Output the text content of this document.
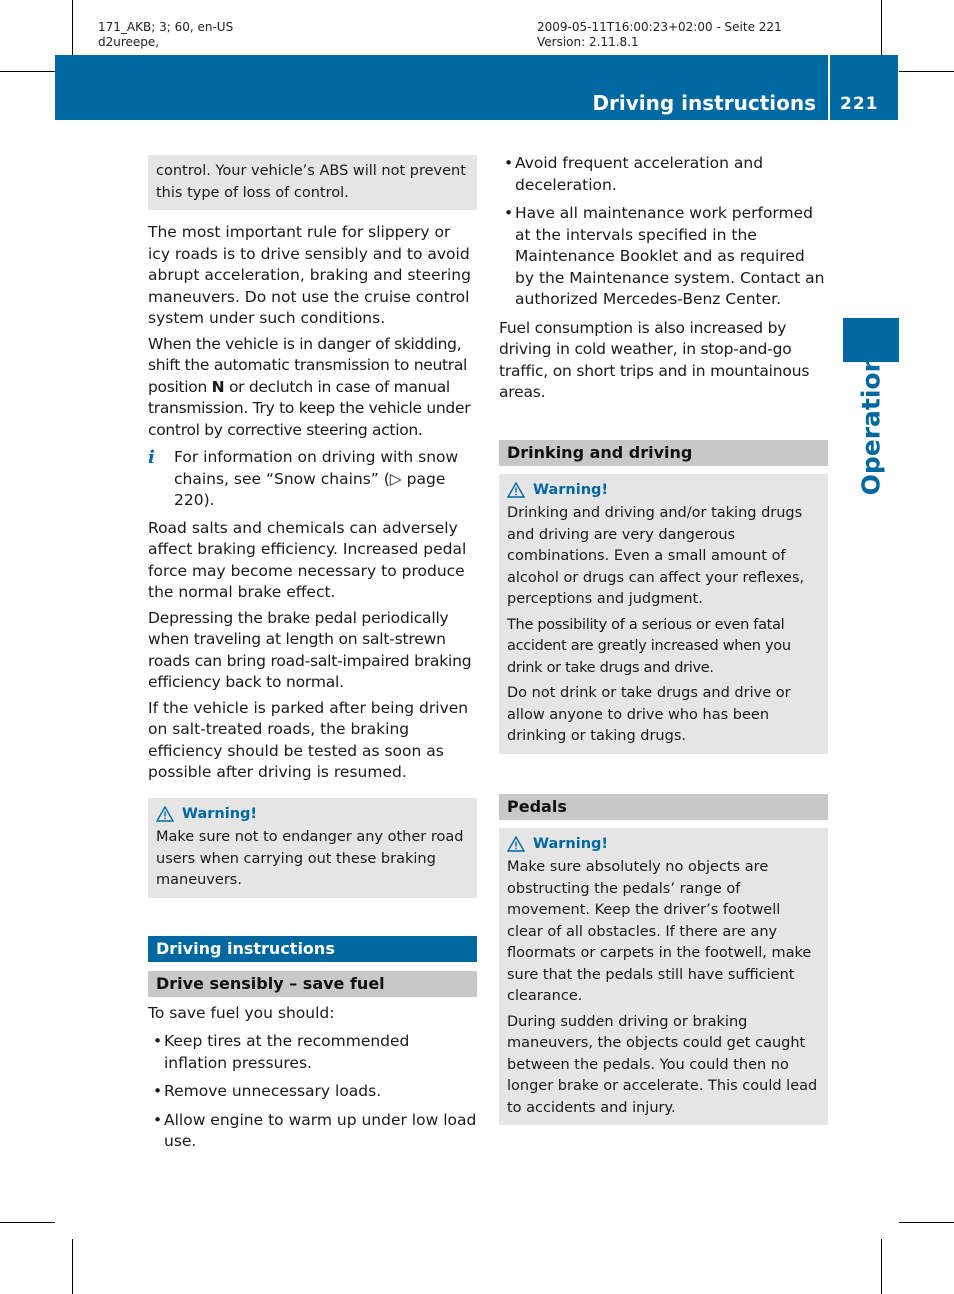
171_AKB; 3; 60, en-US
d2ureepe,
2009-05-11T16:00:23+02:00 - Seite 221
Version: 2.11.8.1
Driving instructions 221
Operation
control. Your vehicle’s ABS will not prevent this type of loss of control.

The most important rule for slippery or icy roads is to drive sensibly and to avoid abrupt acceleration, braking and steering maneuvers. Do not use the cruise control system under such conditions.

When the vehicle is in danger of skidding, shift the automatic transmission to neutral position N or declutch in case of manual transmission. Try to keep the vehicle under control by corrective steering action.

i	For information on driving with snow chains, see “Snow chains” (▷ page 220).

Road salts and chemicals can adversely affect braking efficiency. Increased pedal force may become necessary to produce the normal brake effect.

Depressing the brake pedal periodically when traveling at length on salt-strewn roads can bring road-salt-impaired braking efficiency back to normal.

If the vehicle is parked after being driven on salt-treated roads, the braking efficiency should be tested as soon as possible after driving is resumed.

Warning!
Make sure not to endanger any other road users when carrying out these braking maneuvers.
Driving instructions
Drive sensibly – save fuel

To save fuel you should:

• Keep tires at the recommended inflation pressures.
• Remove unnecessary loads.
• Allow engine to warm up under low load use.
• Avoid frequent acceleration and deceleration.
• Have all maintenance work performed at the intervals specified in the Maintenance Booklet and as required by the Maintenance system. Contact an authorized Mercedes-Benz Center.

Fuel consumption is also increased by driving in cold weather, in stop-and-go traffic, on short trips and in mountainous areas.

Drinking and driving
Warning!

Drinking and driving and/or taking drugs and driving are very dangerous combinations. Even a small amount of alcohol or drugs can affect your reflexes, perceptions and judgment.

The possibility of a serious or even fatal accident are greatly increased when you drink or take drugs and drive.

Do not drink or take drugs and drive or allow anyone to drive who has been drinking or taking drugs.

Pedals
Warning!

Make sure absolutely no objects are obstructing the pedals’ range of movement. Keep the driver’s footwell clear of all obstacles. If there are any floormats or carpets in the footwell, make sure that the pedals still have sufficient clearance.

During sudden driving or braking maneuvers, the objects could get caught between the pedals. You could then no longer brake or accelerate. This could lead to accidents and injury.
